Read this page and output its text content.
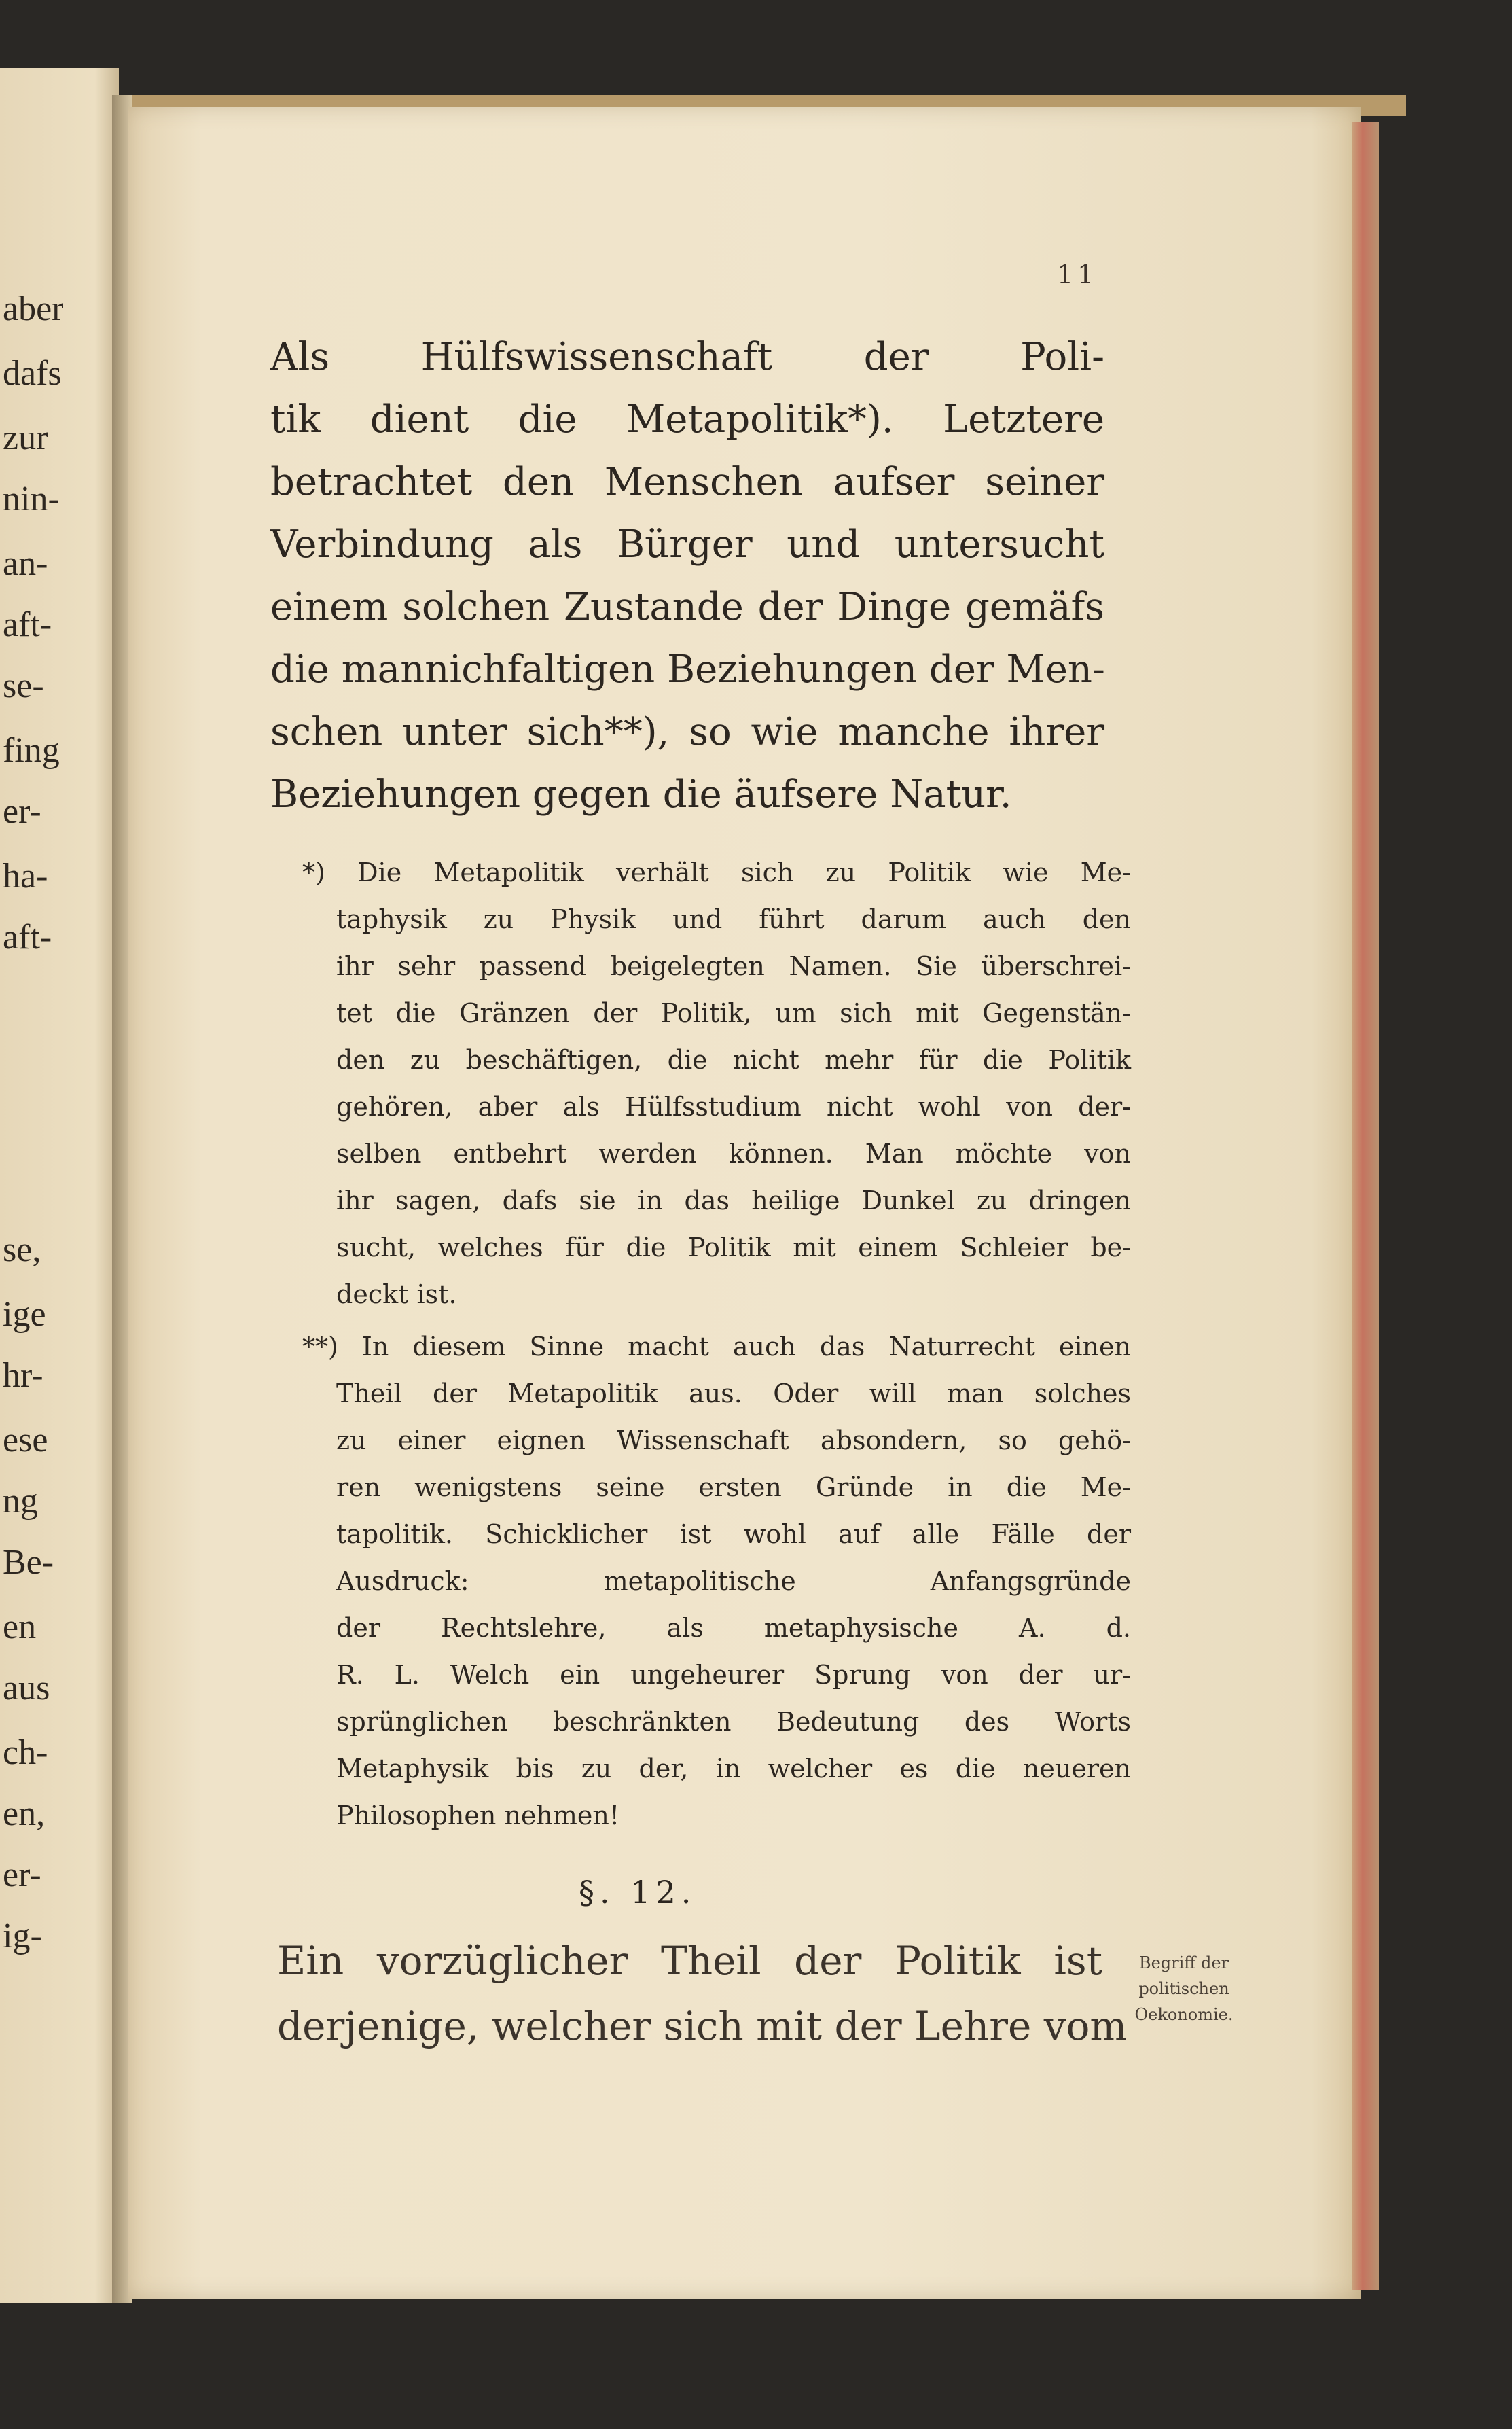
aber
dafs
zur
nin-
an-
aft-
se-
fing
er-
ha-
aft-
se,
ige
hr-
ese
ng
Be-
en
aus
ch-
en,
er-
ig-
11
Als Hülfswissenschaft der Poli-
tik dient die Metapolitik*). Letztere
betrachtet den Menschen aufser seiner
Verbindung als Bürger und untersucht
einem solchen Zustande der Dinge gemäfs
die mannichfaltigen Beziehungen der Men-
schen unter sich**), so wie manche ihrer
Beziehungen gegen die äufsere Natur.
*) Die Metapolitik verhält sich zu Politik wie Me-
taphysik zu Physik und führt darum auch den
ihr sehr passend beigelegten Namen. Sie überschrei-
tet die Gränzen der Politik, um sich mit Gegenstän-
den zu beschäftigen, die nicht mehr für die Politik
gehören, aber als Hülfsstudium nicht wohl von der-
selben entbehrt werden können. Man möchte von
ihr sagen, dafs sie in das heilige Dunkel zu dringen
sucht, welches für die Politik mit einem Schleier be-
deckt ist.
**) In diesem Sinne macht auch das Naturrecht einen
Theil der Metapolitik aus. Oder will man solches
zu einer eignen Wissenschaft absondern, so gehö-
ren wenigstens seine ersten Gründe in die Me-
tapolitik. Schicklicher ist wohl auf alle Fälle der
Ausdruck: metapolitische Anfangsgründe
der Rechtslehre, als metaphysische A. d.
R. L. Welch ein ungeheurer Sprung von der ur-
sprünglichen beschränkten Bedeutung des Worts
Metaphysik bis zu der, in welcher es die neueren
Philosophen nehmen!
§. 12.
Ein vorzüglicher Theil der Politik ist
derjenige, welcher sich mit der Lehre vom
Begriff der
politischen
Oekonomie.
